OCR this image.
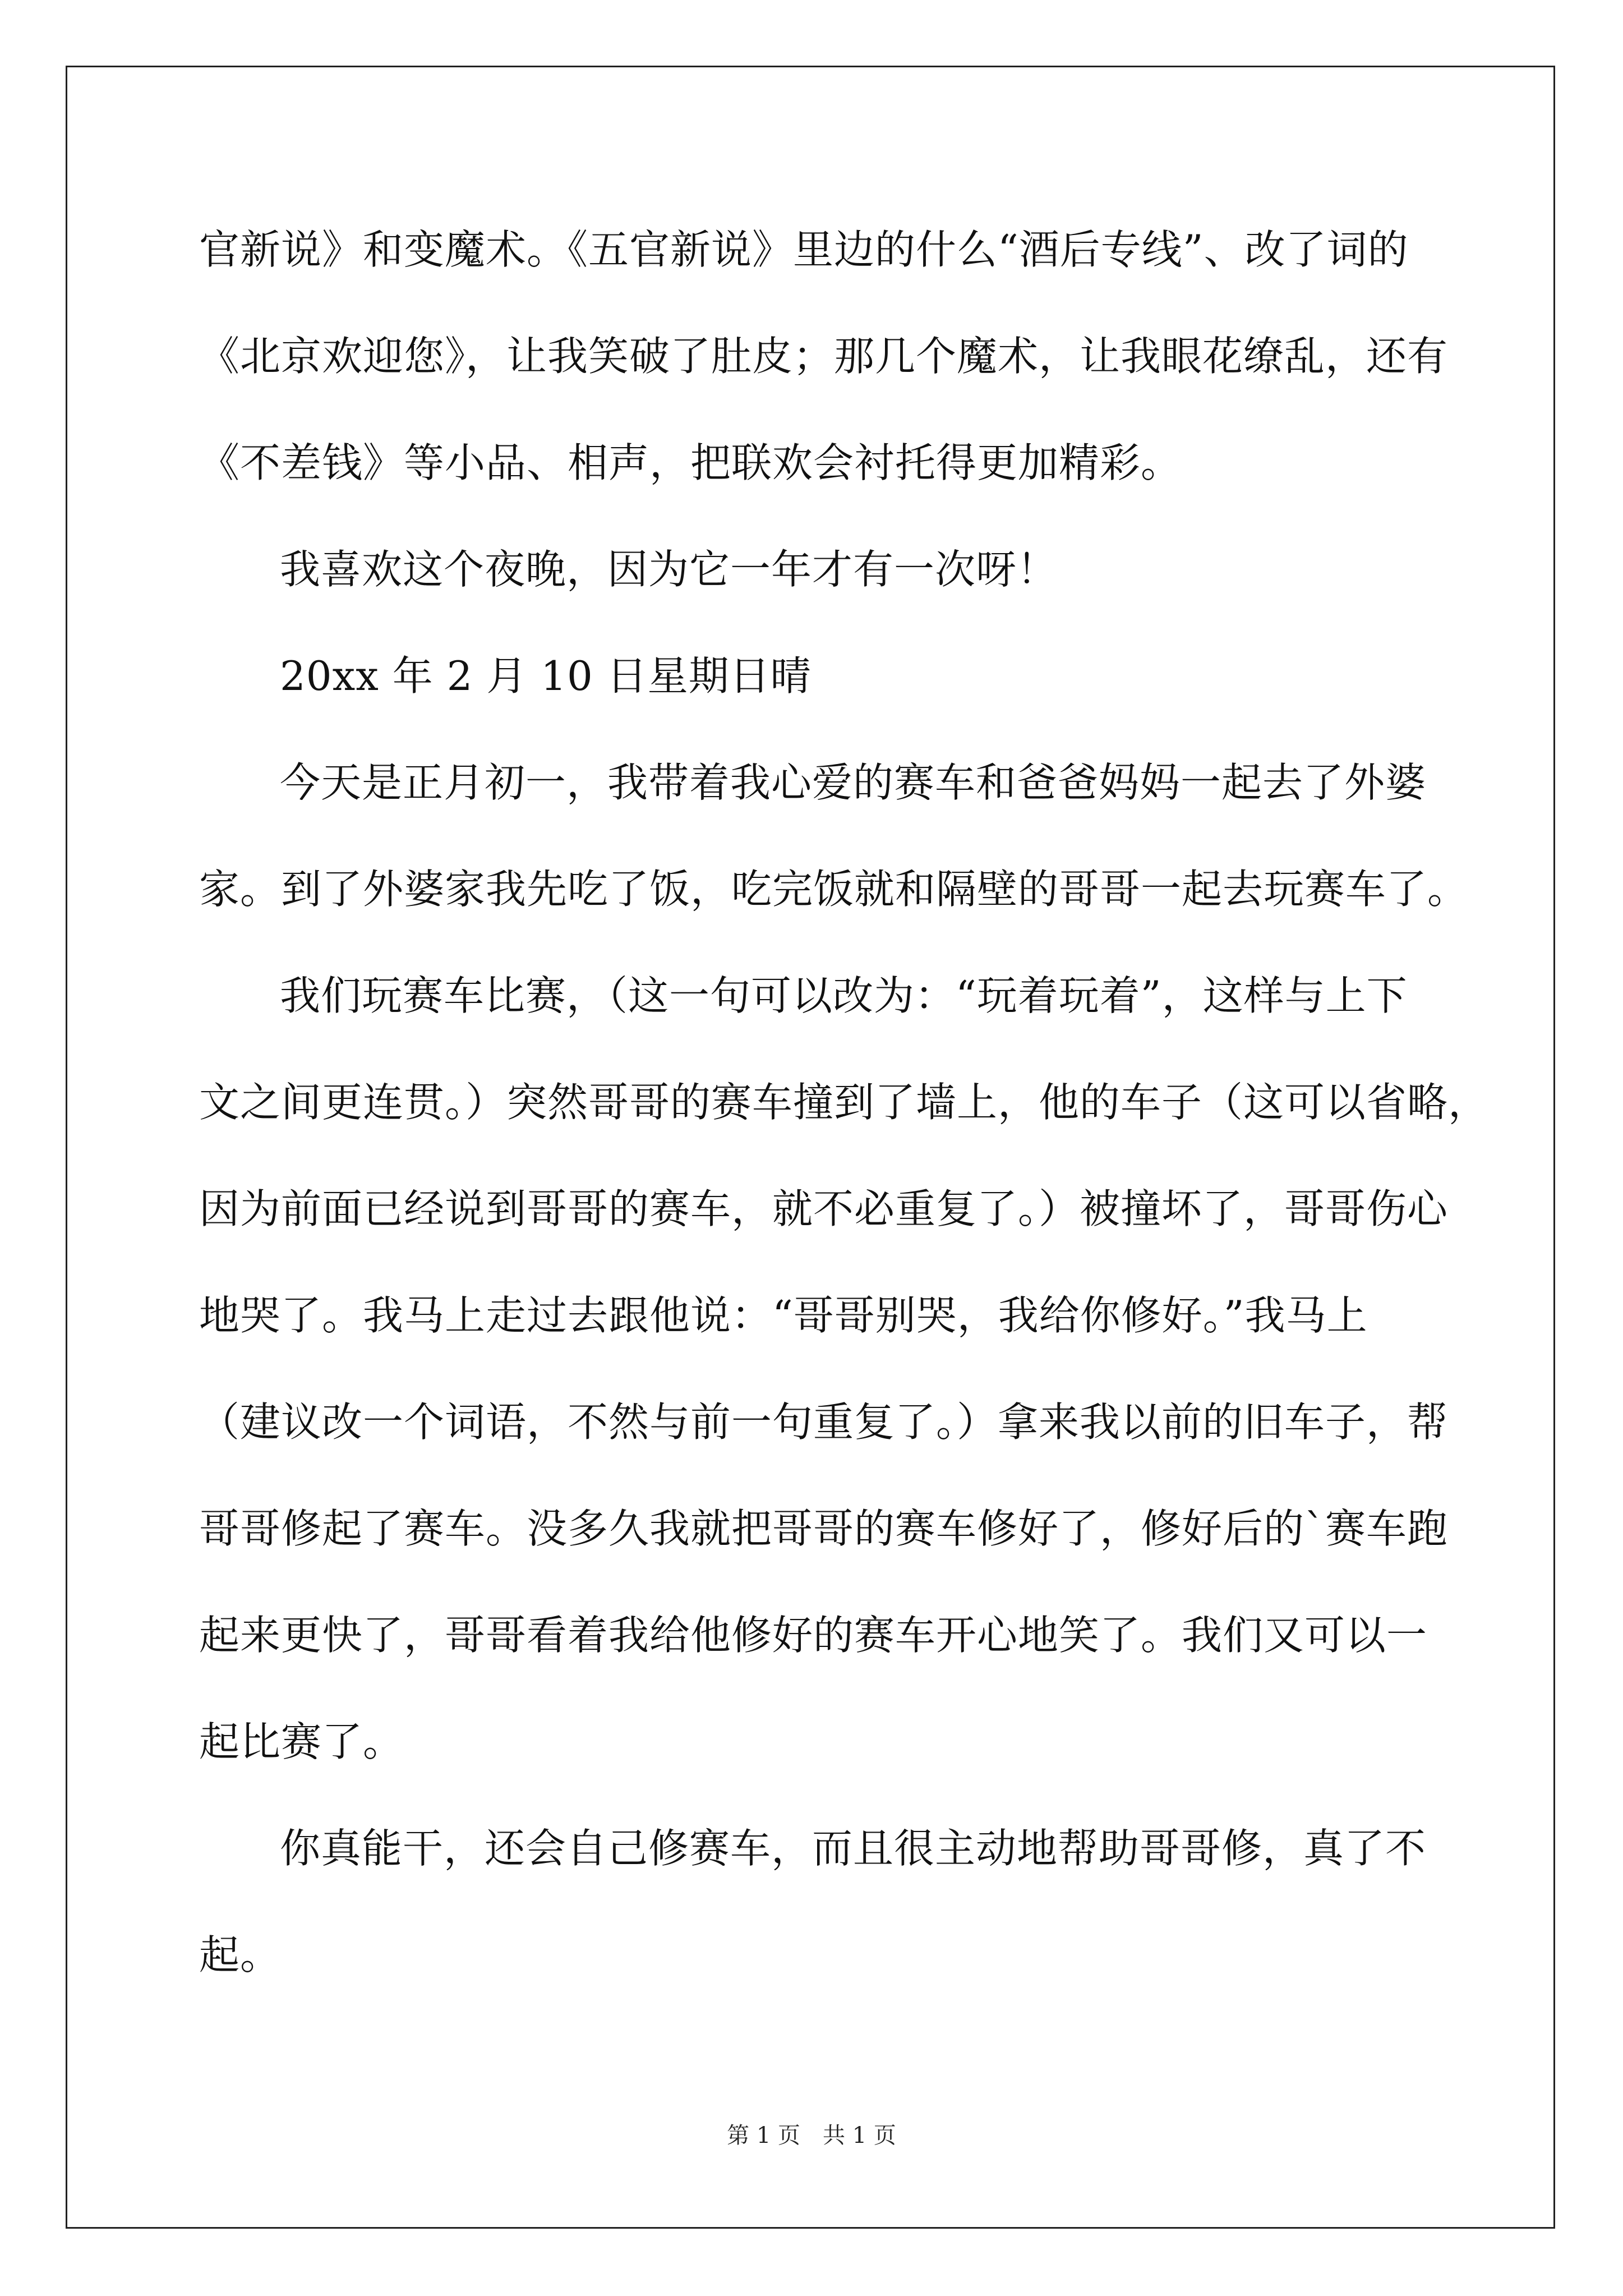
官新说》和变魔术。《五官新说》里边的什么“酒后专线”、改了词的
《北京欢迎您》，让我笑破了肚皮；那几个魔术，让我眼花缭乱，还有
《不差钱》等小品、相声，把联欢会衬托得更加精彩。
我喜欢这个夜晚，因为它一年才有一次呀！
20xx 年 2 月 10 日星期日晴
今天是正月初一，我带着我心爱的赛车和爸爸妈妈一起去了外婆
家。到了外婆家我先吃了饭，吃完饭就和隔壁的哥哥一起去玩赛车了。
我们玩赛车比赛，（这一句可以改为：“玩着玩着”，这样与上下
文之间更连贯。）突然哥哥的赛车撞到了墙上，他的车子（这可以省略，
因为前面已经说到哥哥的赛车，就不必重复了。）被撞坏了，哥哥伤心
地哭了。我马上走过去跟他说：“哥哥别哭，我给你修好。”我马上
（建议改一个词语，不然与前一句重复了。）拿来我以前的旧车子，帮
哥哥修起了赛车。没多久我就把哥哥的赛车修好了，修好后的`赛车跑
起来更快了，哥哥看着我给他修好的赛车开心地笑了。我们又可以一
起比赛了。
你真能干，还会自己修赛车，而且很主动地帮助哥哥修，真了不
起。
第 1 页　共 1 页
